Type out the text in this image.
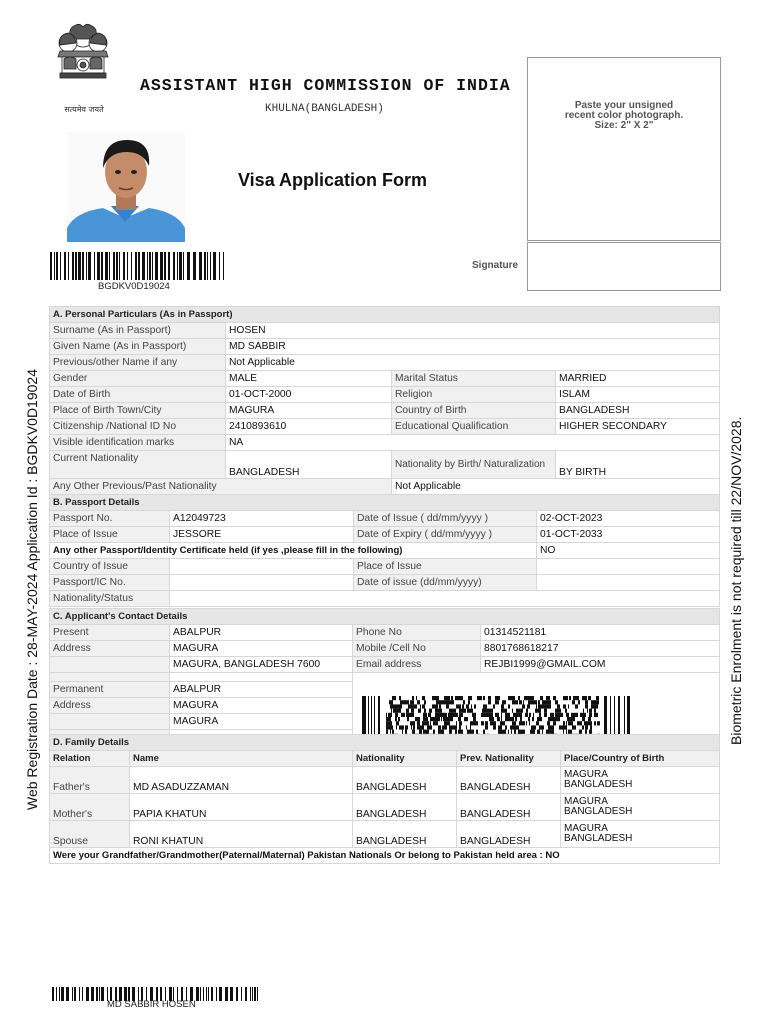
सत्यमेव जयते
ASSISTANT HIGH COMMISSION OF INDIA
KHULNA(BANGLADESH)
Visa Application Form
Paste your unsigned
recent color photograph.
Size: 2" X 2"
Signature
BGDKV0D19024
Web Registration Date : 28-MAY-2024 Application Id : BGDKV0D19024	Biometric Enrolment is not required till 22/NOV/2028.
A. Personal Particulars (As in Passport)			
Surname (As in Passport)	HOSEN		
Given Name (As in Passport)	MD SABBIR		
Previous/other Name if any	Not Applicable		
Gender	MALE	Marital Status	MARRIED
Date of Birth	01-OCT-2000	Religion	ISLAM
Place of Birth Town/City	MAGURA	Country of Birth	BANGLADESH
Citizenship /National ID No	2410893610	Educational Qualification	HIGHER SECONDARY
Visible identification marks	NA		
Current Nationality	BANGLADESH	Nationality by Birth/ Naturalization	BY BIRTH
Any Other Previous/Past Nationality		Not Applicable	
B. Passport Details			
Passport No.	A12049723	Date of Issue ( dd/mm/yyyy )	02-OCT-2023
Place of Issue	JESSORE	Date of Expiry ( dd/mm/yyyy )	01-OCT-2033
Any other Passport/Identity Certificate held (if yes ,please fill in the following)			NO
Country of Issue		Place of Issue	
Passport/IC No.		Date of issue (dd/mm/yyyy)	
Nationality/Status			
C. Applicant's Contact Details			
Present	ABALPUR	Phone No	01314521181
Address	MAGURA	Mobile /Cell No	8801768618217
	MAGURA, BANGLADESH 7600	Email address	REJBI1999@GMAIL.COM

Permanent	ABALPUR		
Address	MAGURA		
	MAGURA		

D. Family Details				
Relation	Name	Nationality	Prev. Nationality	Place/Country of Birth
Father's	MD ASADUZZAMAN	BANGLADESH	BANGLADESH	MAGURA
BANGLADESH

Mother's	PAPIA KHATUN	BANGLADESH	BANGLADESH	MAGURA
BANGLADESH

Spouse	RONI KHATUN	BANGLADESH	BANGLADESH	MAGURA
BANGLADESH

Were your Grandfather/Grandmother(Paternal/Maternal) Pakistan Nationals Or belong to Pakistan held area : NO				
MD SABBIR HOSEN
